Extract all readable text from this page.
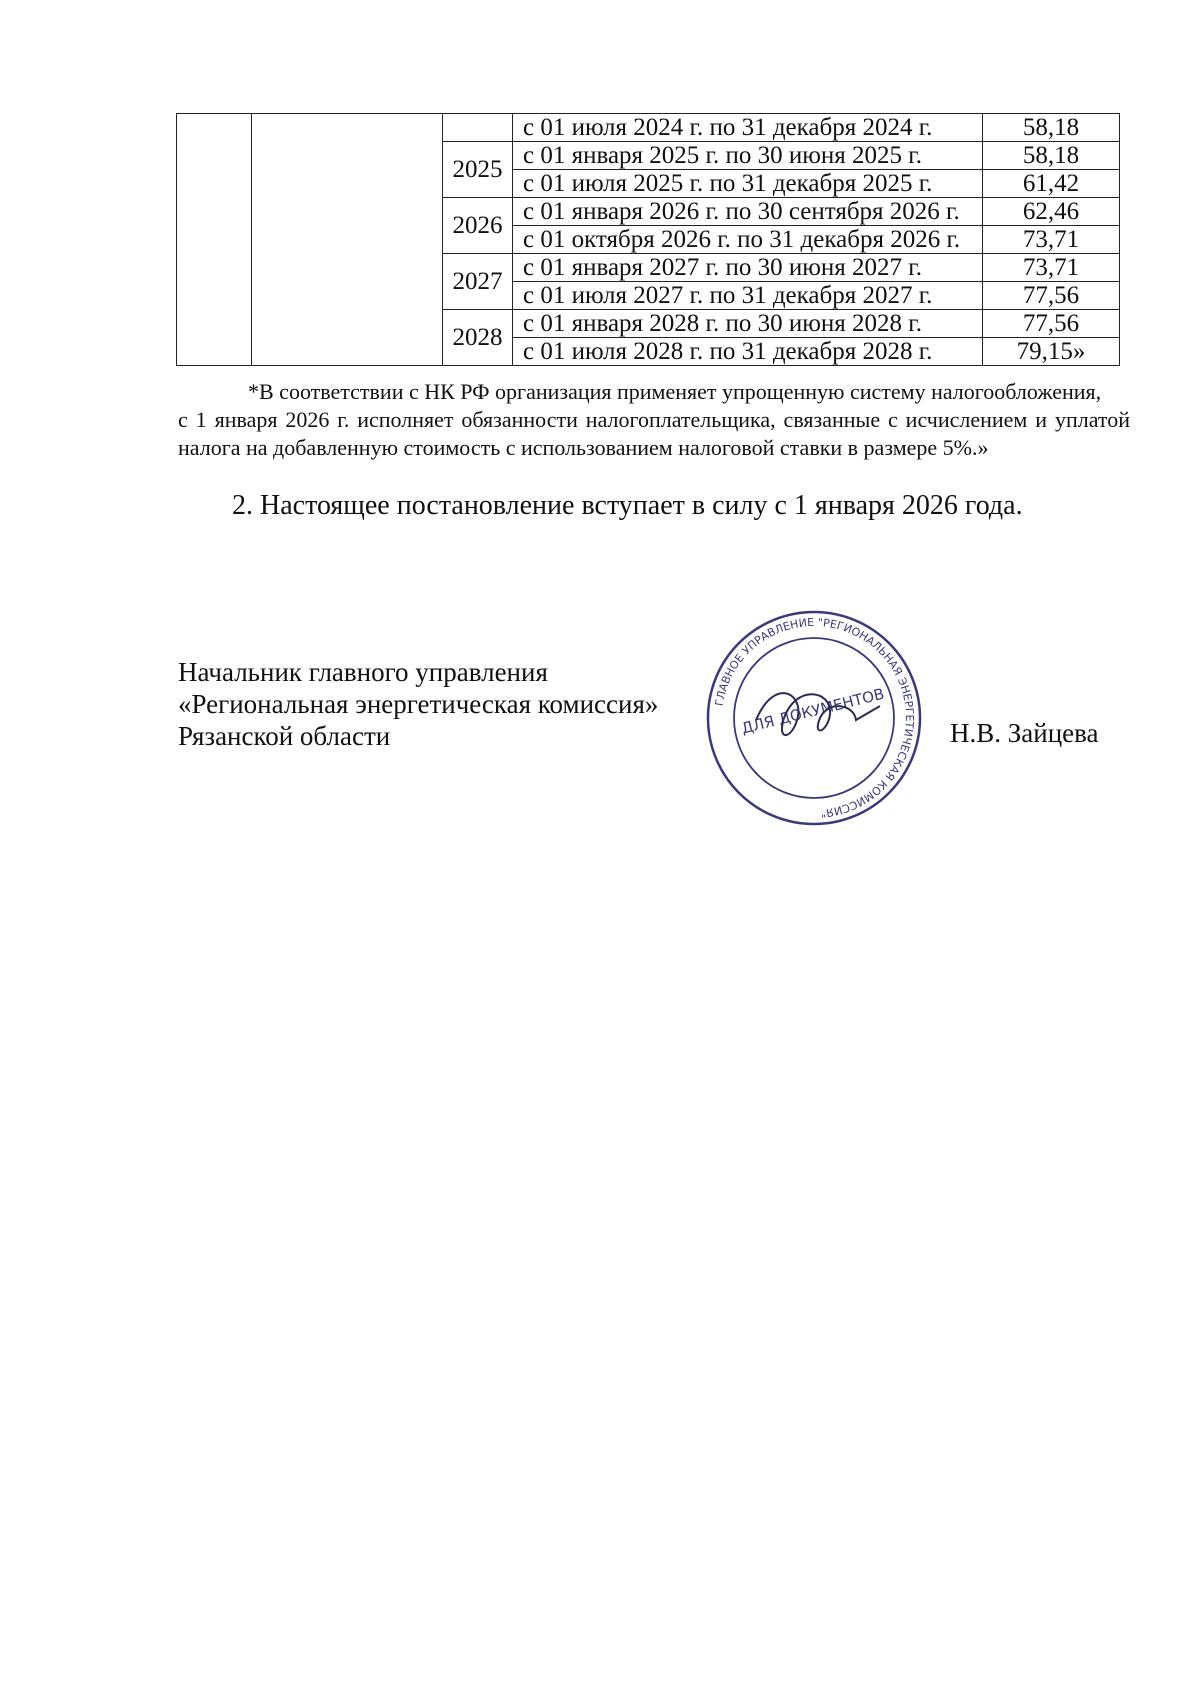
			с 01 июля 2024 г. по 31 декабря 2024 г.	58,18
		2025	с 01 января 2025 г. по 30 июня 2025 г.	58,18
			с 01 июля 2025 г. по 31 декабря 2025 г.	61,42
		2026	с 01 января 2026 г. по 30 сентября 2026 г.	62,46
			с 01 октября 2026 г. по 31 декабря 2026 г.	73,71
		2027	с 01 января 2027 г. по 30 июня 2027 г.	73,71
			с 01 июля 2027 г. по 31 декабря 2027 г.	77,56
		2028	с 01 января 2028 г. по 30 июня 2028 г.	77,56
			с 01 июля 2028 г. по 31 декабря 2028 г.	79,15»
*В соответствии с НК РФ организация применяет упрощенную систему налогообложения,
с 1 января 2026 г. исполняет обязанности налогоплательщика, связанные с исчислением и уплатой налога на добавленную стоимость с использованием налоговой ставки в размере 5%.»
2. Настоящее постановление вступает в силу с 1 января 2026 года.
Начальник главного управления
«Региональная энергетическая комиссия»
Рязанской области
ГЛАВНОЕ УПРАВЛЕНИЕ "РЕГИОНАЛЬНАЯ ЭНЕРГЕТИЧЕСКАЯ КОМИССИЯ"
ДЛЯ ДОКУМЕНТОВ Н.В. Зайцева
